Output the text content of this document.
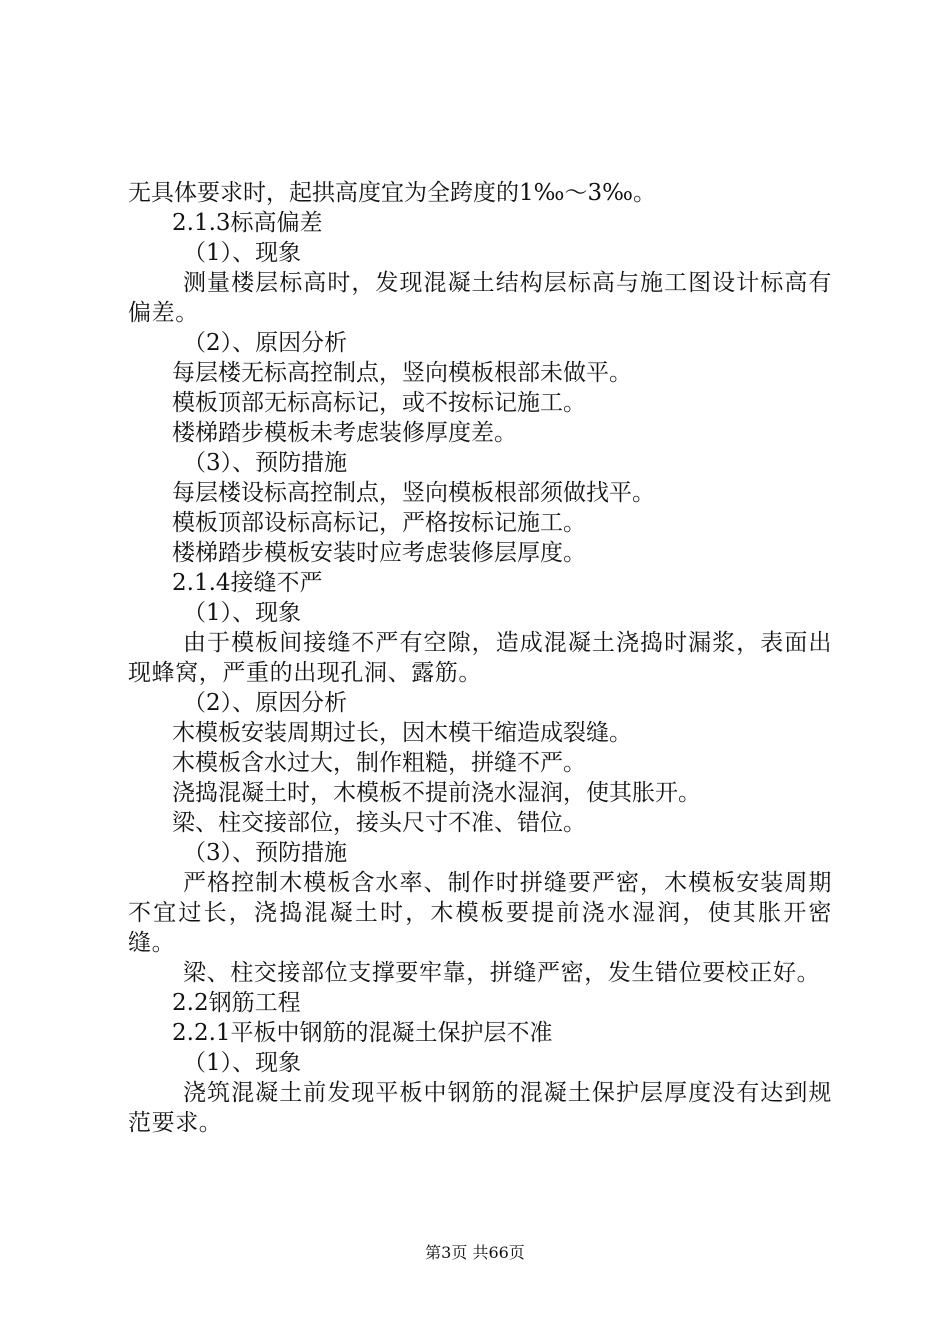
无具体要求时，起拱高度宜为全跨度的1‰～3‰。
2.1.3标高偏差
（1）、现象
测量楼层标高时，发现混凝土结构层标高与施工图设计标高有偏差。
（2）、原因分析
每层楼无标高控制点，竖向模板根部未做平。
模板顶部无标高标记，或不按标记施工。
楼梯踏步模板未考虑装修厚度差。
（3）、预防措施
每层楼设标高控制点，竖向模板根部须做找平。
模板顶部设标高标记，严格按标记施工。
楼梯踏步模板安装时应考虑装修层厚度。
2.1.4接缝不严
（1）、现象
由于模板间接缝不严有空隙，造成混凝土浇捣时漏浆，表面出现蜂窝，严重的出现孔洞、露筋。
（2）、原因分析
木模板安装周期过长，因木模干缩造成裂缝。
木模板含水过大，制作粗糙，拼缝不严。
浇捣混凝土时，木模板不提前浇水湿润，使其胀开。
梁、柱交接部位，接头尺寸不准、错位。
（3）、预防措施
严格控制木模板含水率、制作时拼缝要严密，木模板安装周期不宜过长，浇捣混凝土时，木模板要提前浇水湿润，使其胀开密缝。
梁、柱交接部位支撑要牢靠，拼缝严密，发生错位要校正好。
2.2钢筋工程
2.2.1平板中钢筋的混凝土保护层不准
（1）、现象
浇筑混凝土前发现平板中钢筋的混凝土保护层厚度没有达到规范要求。
第3页 共66页
